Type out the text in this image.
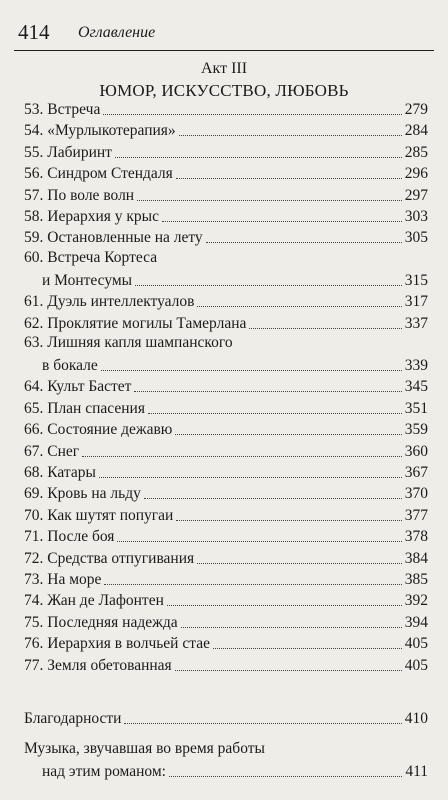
414 Оглавление
Акт III
ЮМОР, ИСКУССТВО, ЛЮБОВЬ
53. Встреча	279
54. «Мурлыкотерапия»	284
55. Лабиринт	285
56. Синдром Стендаля	296
57. По воле волн	297
58. Иерархия у крыс	303
59. Остановленные на лету	305
60. Встреча Кортеса
и Монтесумы	315
61. Дуэль интеллектуалов	317
62. Проклятие могилы Тамерлана	337
63. Лишняя капля шампанского
в бокале	339
64. Культ Бастет	345
65. План спасения	351
66. Состояние дежавю	359
67. Снег	360
68. Катары	367
69. Кровь на льду	370
70. Как шутят попугаи	377
71. После боя	378
72. Средства отпугивания	384
73. На море	385
74. Жан де Лафонтен	392
75. Последняя надежда	394
76. Иерархия в волчьей стае	405
77. Земля обетованная	405
Благодарности	410
Музыка, звучавшая во время работы
над этим романом:	411
